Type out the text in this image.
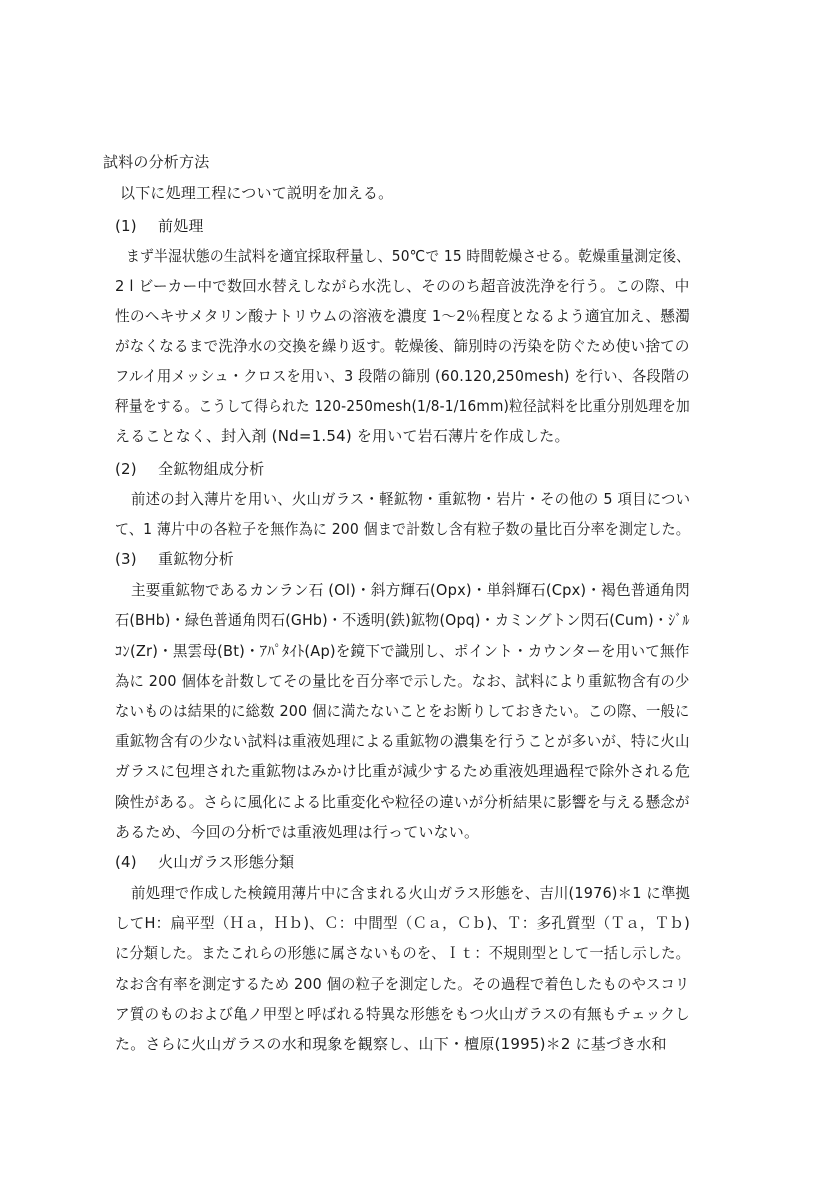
試料の分析方法
以下に処理工程について説明を加える。
(1) 前処理
まず半湿状態の生試料を適宜採取秤量し、50℃で 15 時間乾燥させる。乾燥重量測定後、
2 l ビーカー中で数回水替えしながら水洗し、そののち超音波洗浄を行う。この際、中
性のヘキサメタリン酸ナトリウムの溶液を濃度 1～2％程度となるよう適宜加え、懸濁
がなくなるまで洗浄水の交換を繰り返す。乾燥後、篩別時の汚染を防ぐため使い捨ての
フルイ用メッシュ・クロスを用い、3 段階の篩別 (60.120,250mesh) を行い、各段階の
秤量をする。こうして得られた 120-250mesh(1/8-1/16mm)粒径試料を比重分別処理を加
えることなく、封入剤 (Nd=1.54) を用いて岩石薄片を作成した。
(2) 全鉱物組成分析
前述の封入薄片を用い、火山ガラス・軽鉱物・重鉱物・岩片・その他の 5 項目につい
て、1 薄片中の各粒子を無作為に 200 個まで計数し含有粒子数の量比百分率を測定した。
(3) 重鉱物分析
主要重鉱物であるカンラン石 (Ol)・斜方輝石(Opx)・単斜輝石(Cpx)・褐色普通角閃
石(BHb)・緑色普通角閃石(GHb)・不透明(鉄)鉱物(Opq)・カミングトン閃石(Cum)・ｼﾞﾙ
ｺﾝ(Zr)・黒雲母(Bt)・ｱﾊﾟﾀｲﾄ(Ap)を鏡下で識別し、ポイント・カウンターを用いて無作
為に 200 個体を計数してその量比を百分率で示した。なお、試料により重鉱物含有の少
ないものは結果的に総数 200 個に満たないことをお断りしておきたい。この際、一般に
重鉱物含有の少ない試料は重液処理による重鉱物の濃集を行うことが多いが、特に火山
ガラスに包埋された重鉱物はみかけ比重が減少するため重液処理過程で除外される危
険性がある。さらに風化による比重変化や粒径の違いが分析結果に影響を与える懸念が
あるため、今回の分析では重液処理は行っていない。
(4) 火山ガラス形態分類
前処理で作成した検鏡用薄片中に含まれる火山ガラス形態を、吉川(1976)＊1 に準拠
してH：扁平型（Ｈａ，Ｈｂ)、Ｃ：中間型（Ｃａ，Ｃｂ)、Ｔ：多孔質型（Ｔａ，Ｔｂ)
に分類した。またこれらの形態に属さないものを、Ｉｔ：不規則型として一括し示した。
なお含有率を測定するため 200 個の粒子を測定した。その過程で着色したものやスコリ
ア質のものおよび亀ノ甲型と呼ばれる特異な形態をもつ火山ガラスの有無もチェックし
た。さらに火山ガラスの水和現象を観察し、山下・檀原(1995)＊2 に基づき水和
